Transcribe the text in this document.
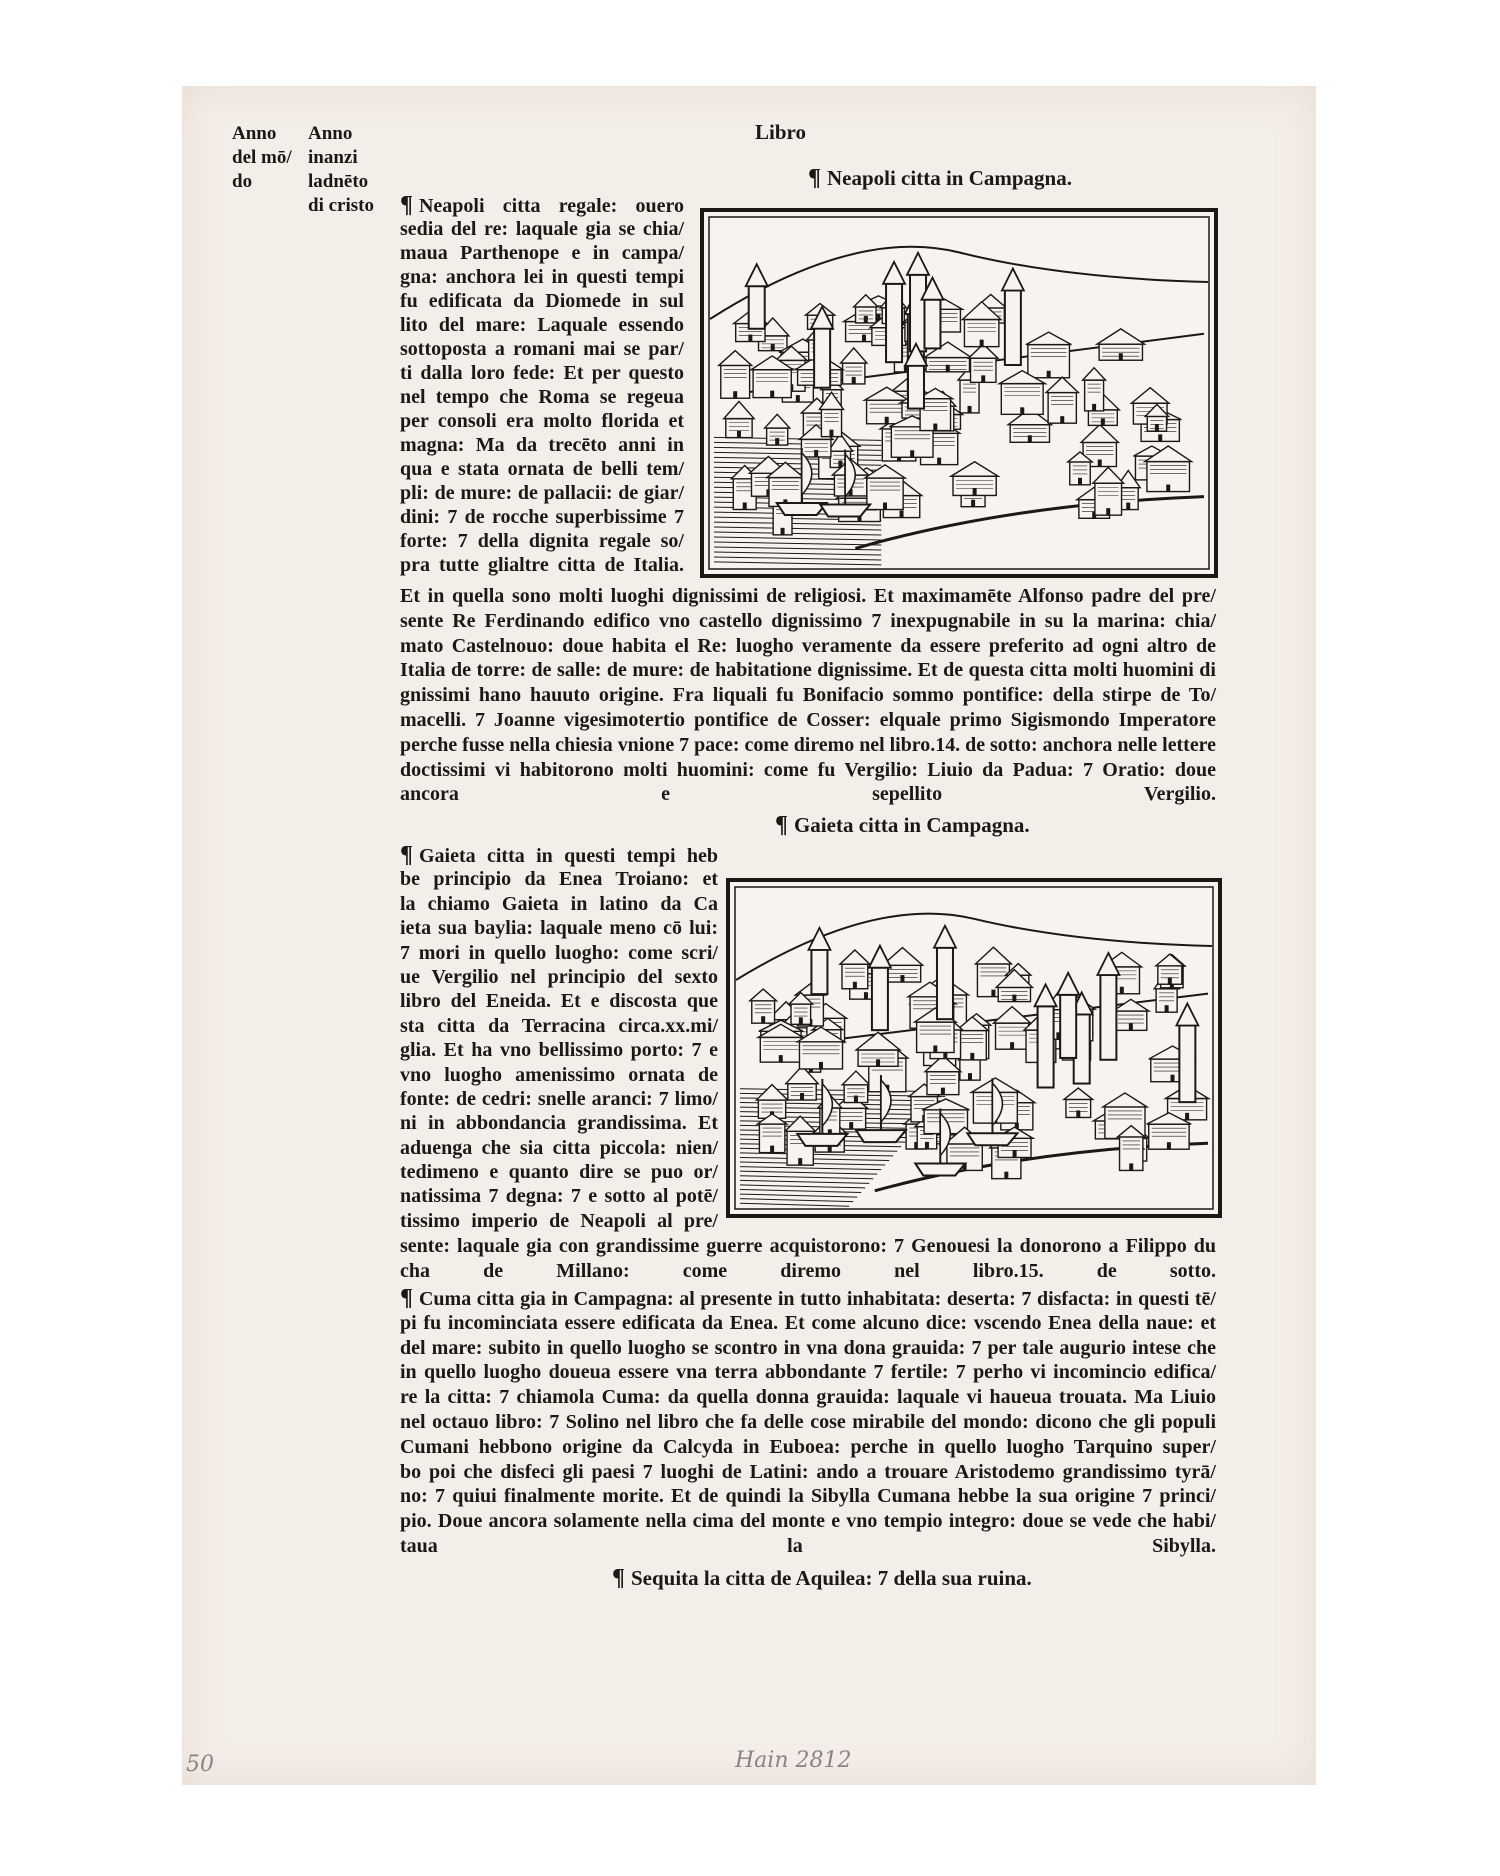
Anno
del mō/
do
Anno
inanzi
ladnēto
di cristo
Libro
¶ Neapoli citta in Campagna.
¶ Neapoli citta regale: ouero
sedia del re: laquale gia se chia/
maua Parthenope e in campa/
gna: anchora lei in questi tempi
fu edificata da Diomede in sul
lito del mare: Laquale essendo
sottoposta a romani mai se par/
ti dalla loro fede: Et per questo
nel tempo che Roma se regeua
per consoli era molto florida et
magna: Ma da trecēto anni in
qua e stata ornata de belli tem/
pli: de mure: de pallacii: de giar/
dini: 7 de rocche superbissime 7
forte: 7 della dignita regale so/
pra tutte glialtre citta de Italia.
Et in quella sono molti luoghi dignissimi de religiosi. Et maximamēte Alfonso padre del pre/
sente Re Ferdinando edifico vno castello dignissimo 7 inexpugnabile in su la marina: chia/
mato Castelnouo: doue habita el Re: luogho veramente da essere preferito ad ogni altro de
Italia de torre: de salle: de mure: de habitatione dignissime. Et de questa citta molti huomini di
gnissimi hano hauuto origine. Fra liquali fu Bonifacio sommo pontifice: della stirpe de To/
macelli. 7 Joanne vigesimotertio pontifice de Cosser: elquale primo Sigismondo Imperatore
perche fusse nella chiesia vnione 7 pace: come diremo nel libro.14. de sotto: anchora nelle lettere
doctissimi vi habitorono molti huomini: come fu Vergilio: Liuio da Padua: 7 Oratio: doue
ancora e sepellito Vergilio.
¶ Gaieta citta in Campagna.
¶ Gaieta citta in questi tempi heb
be principio da Enea Troiano: et
la chiamo Gaieta in latino da Ca
ieta sua baylia: laquale meno cō lui:
7 mori in quello luogho: come scri/
ue Vergilio nel principio del sexto
libro del Eneida. Et e discosta que
sta citta da Terracina circa.xx.mi/
glia. Et ha vno bellissimo porto: 7 e
vno luogho amenissimo ornata de
fonte: de cedri: snelle aranci: 7 limo/
ni in abbondancia grandissima. Et
aduenga che sia citta piccola: nien/
tedimeno e quanto dire se puo or/
natissima 7 degna: 7 e sotto al potē/
tissimo imperio de Neapoli al pre/
sente: laquale gia con grandissime guerre acquistorono: 7 Genouesi la donorono a Filippo du
cha de Millano: come diremo nel libro.15. de sotto.
¶ Cuma citta gia in Campagna: al presente in tutto inhabitata: deserta: 7 disfacta: in questi tē/
pi fu incominciata essere edificata da Enea. Et come alcuno dice: vscendo Enea della naue: et
del mare: subito in quello luogho se scontro in vna dona grauida: 7 per tale augurio intese che
in quello luogho doueua essere vna terra abbondante 7 fertile: 7 perho vi incomincio edifica/
re la citta: 7 chiamola Cuma: da quella donna grauida: laquale vi haueua trouata. Ma Liuio
nel octauo libro: 7 Solino nel libro che fa delle cose mirabile del mondo: dicono che gli populi
Cumani hebbono origine da Calcyda in Euboea: perche in quello luogho Tarquino super/
bo poi che disfeci gli paesi 7 luoghi de Latini: ando a trouare Aristodemo grandissimo tyrā/
no: 7 quiui finalmente morite. Et de quindi la Sibylla Cumana hebbe la sua origine 7 princi/
pio. Doue ancora solamente nella cima del monte e vno tempio integro: doue se vede che habi/
taua la Sibylla.
¶ Sequita la citta de Aquilea: 7 della sua ruina.
50	Hain 2812
